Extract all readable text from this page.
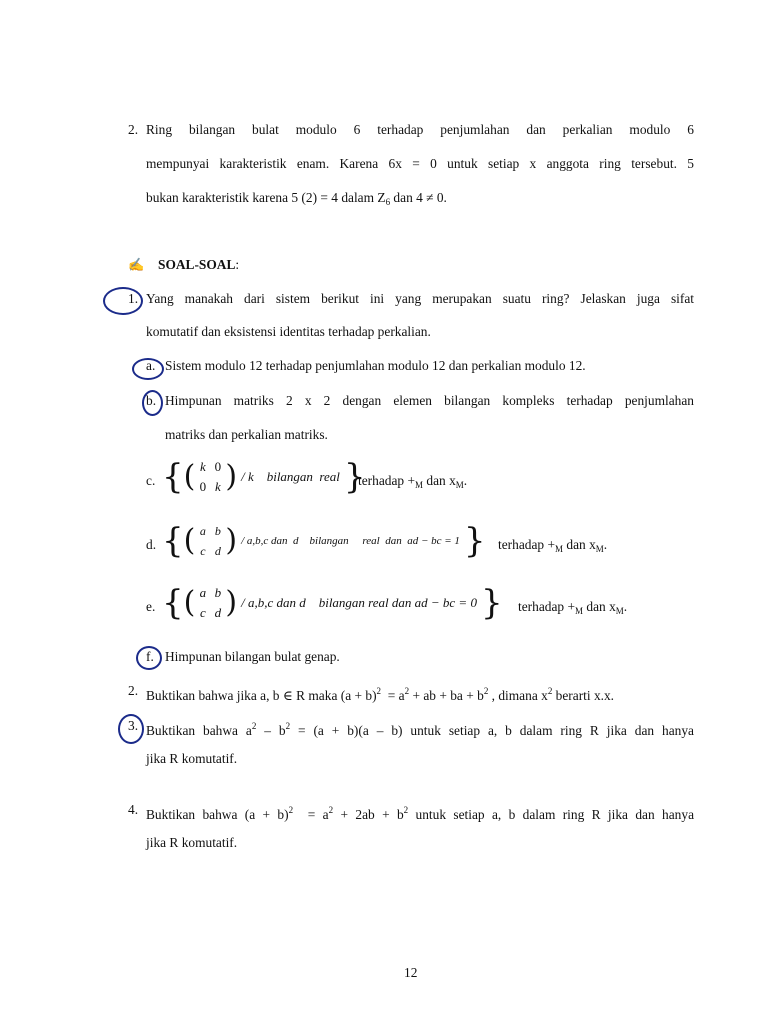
2. Ring bilangan bulat modulo 6 terhadap penjumlahan dan perkalian modulo 6
mempunyai karakteristik enam. Karena 6x = 0 untuk setiap x anggota ring tersebut. 5
bukan karakteristik karena 5 (2) = 4 dalam $Z_6$ dan 4 ≠ 0.
✍ SOAL-SOAL:
1. Yang manakah dari sistem berikut ini yang merupakan suatu ring? Jelaskan juga sifat
komutatif dan eksistensi identitas terhadap perkalian.
a. Sistem modulo 12 terhadap penjumlahan modulo 12 dan perkalian modulo 12.
b. Himpunan matriks 2 x 2 dengan elemen bilangan kompleks terhadap penjumlahan
matriks dan perkalian matriks.
c. {( k 0
0 k ) / k    bilangan  real }
terhadap $+_M$ dan $x_M$.
d. {( a b
c d ) / a,b,c dan  d    bilangan     real  dan  ad − bc = 1 } terhadap $+_M$ dan $x_M$.
e. {( a b
c d ) / a,b,c dan d    bilangan real dan ad − bc = 0 } terhadap $+_M$ dan $x_M$.
f. Himpunan bilangan bulat genap.
2. Buktikan bahwa jika a, b ∈ R maka $(a + b)^2 = a^2$ + ab + ba + $b^2$ , dimana $x^2$ berarti x.x.
3. Buktikan bahwa $a^2 - b^2 = (a + b)(a - b)$ untuk setiap a, b dalam ring R jika dan hanya
jika R komutatif.
4. Buktikan bahwa $(a + b)^2 = a^2 + 2ab + b^2$ untuk setiap a, b dalam ring R jika dan hanya
jika R komutatif.
12
